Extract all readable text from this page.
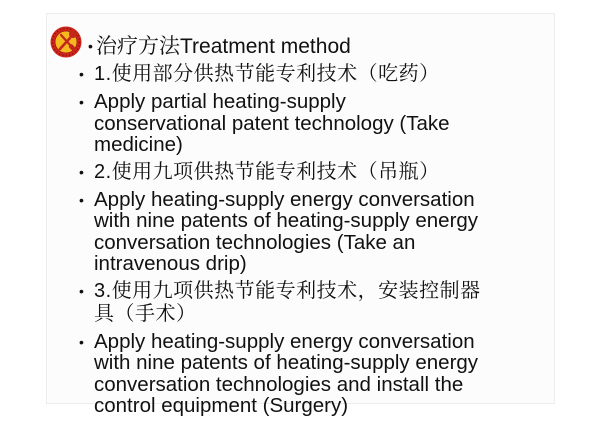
• 治疗方法Treatment method
• 1.使用部分供热节能专利技术（吃药）
• Apply partial heating-supply
conservational patent technology (Take
medicine)
• 2.使用九项供热节能专利技术（吊瓶）
• Apply heating-supply energy conversation
with nine patents of heating-supply energy
conversation technologies (Take an
intravenous drip)
• 3.使用九项供热节能专利技术，安装控制器
具（手术）
• Apply heating-supply energy conversation
with nine patents of heating-supply energy
conversation technologies and install the
control equipment (Surgery)
